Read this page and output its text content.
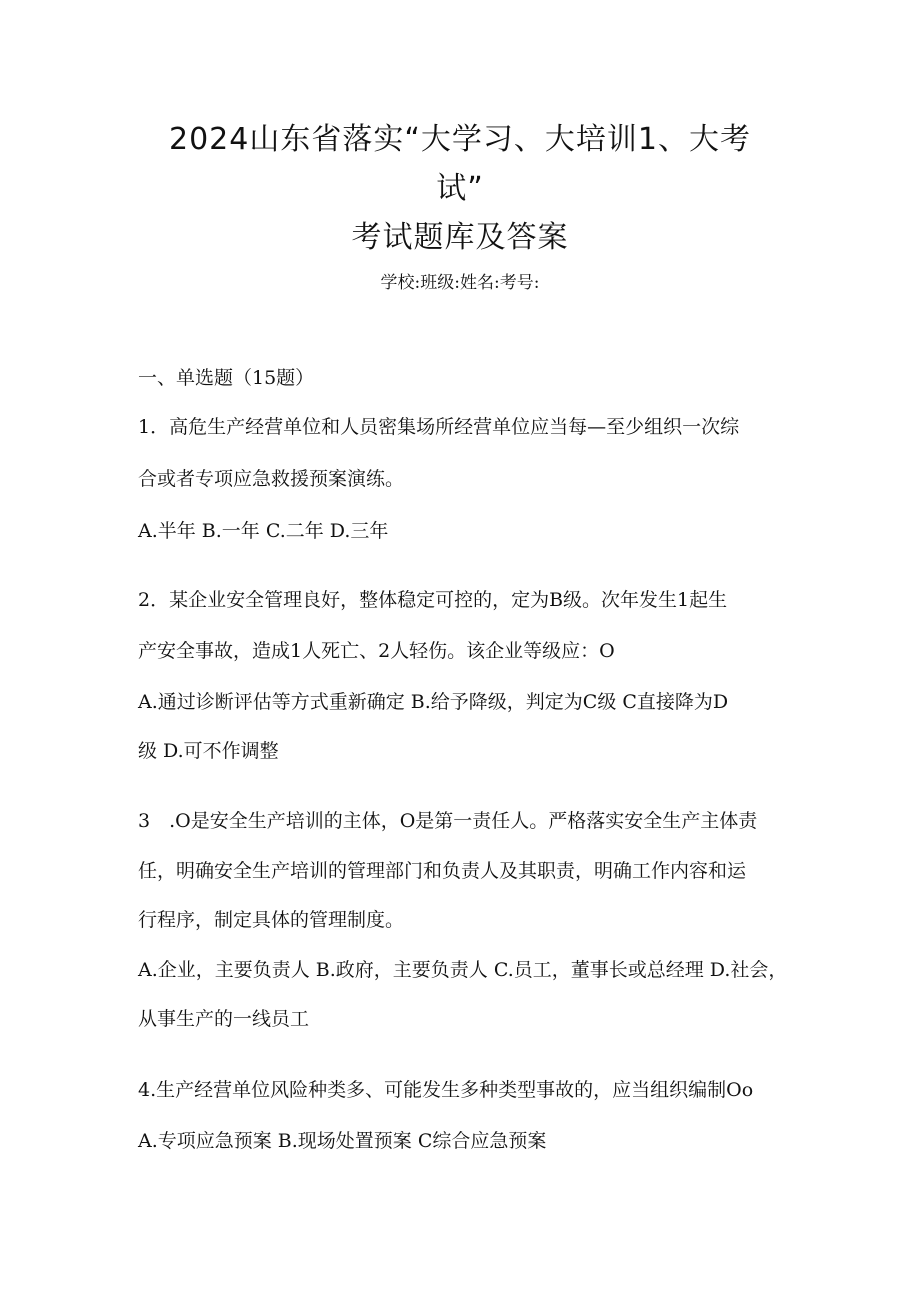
2024山东省落实“大学习、大培训1、大考
试”
考试题库及答案
学校:班级:姓名:考号:
一、单选题（15题）
1．高危生产经营单位和人员密集场所经营单位应当每—至少组织一次综
合或者专项应急救援预案演练。
A.半年 B.一年 C.二年 D.三年
2．某企业安全管理良好，整体稳定可控的，定为B级。次年发生1起生
产安全事故，造成1人死亡、2人轻伤。该企业等级应：O
A.通过诊断评估等方式重新确定 B.给予降级，判定为C级 C直接降为D
级 D.可不作调整
3　.O是安全生产培训的主体，O是第一责任人。严格落实安全生产主体责
任，明确安全生产培训的管理部门和负责人及其职责，明确工作内容和运
行程序，制定具体的管理制度。
A.企业，主要负责人 B.政府，主要负责人 C.员工，董事长或总经理 D.社会，
从事生产的一线员工
4.生产经营单位风险种类多、可能发生多种类型事故的，应当组织编制Oo
A.专项应急预案 B.现场处置预案 C综合应急预案
